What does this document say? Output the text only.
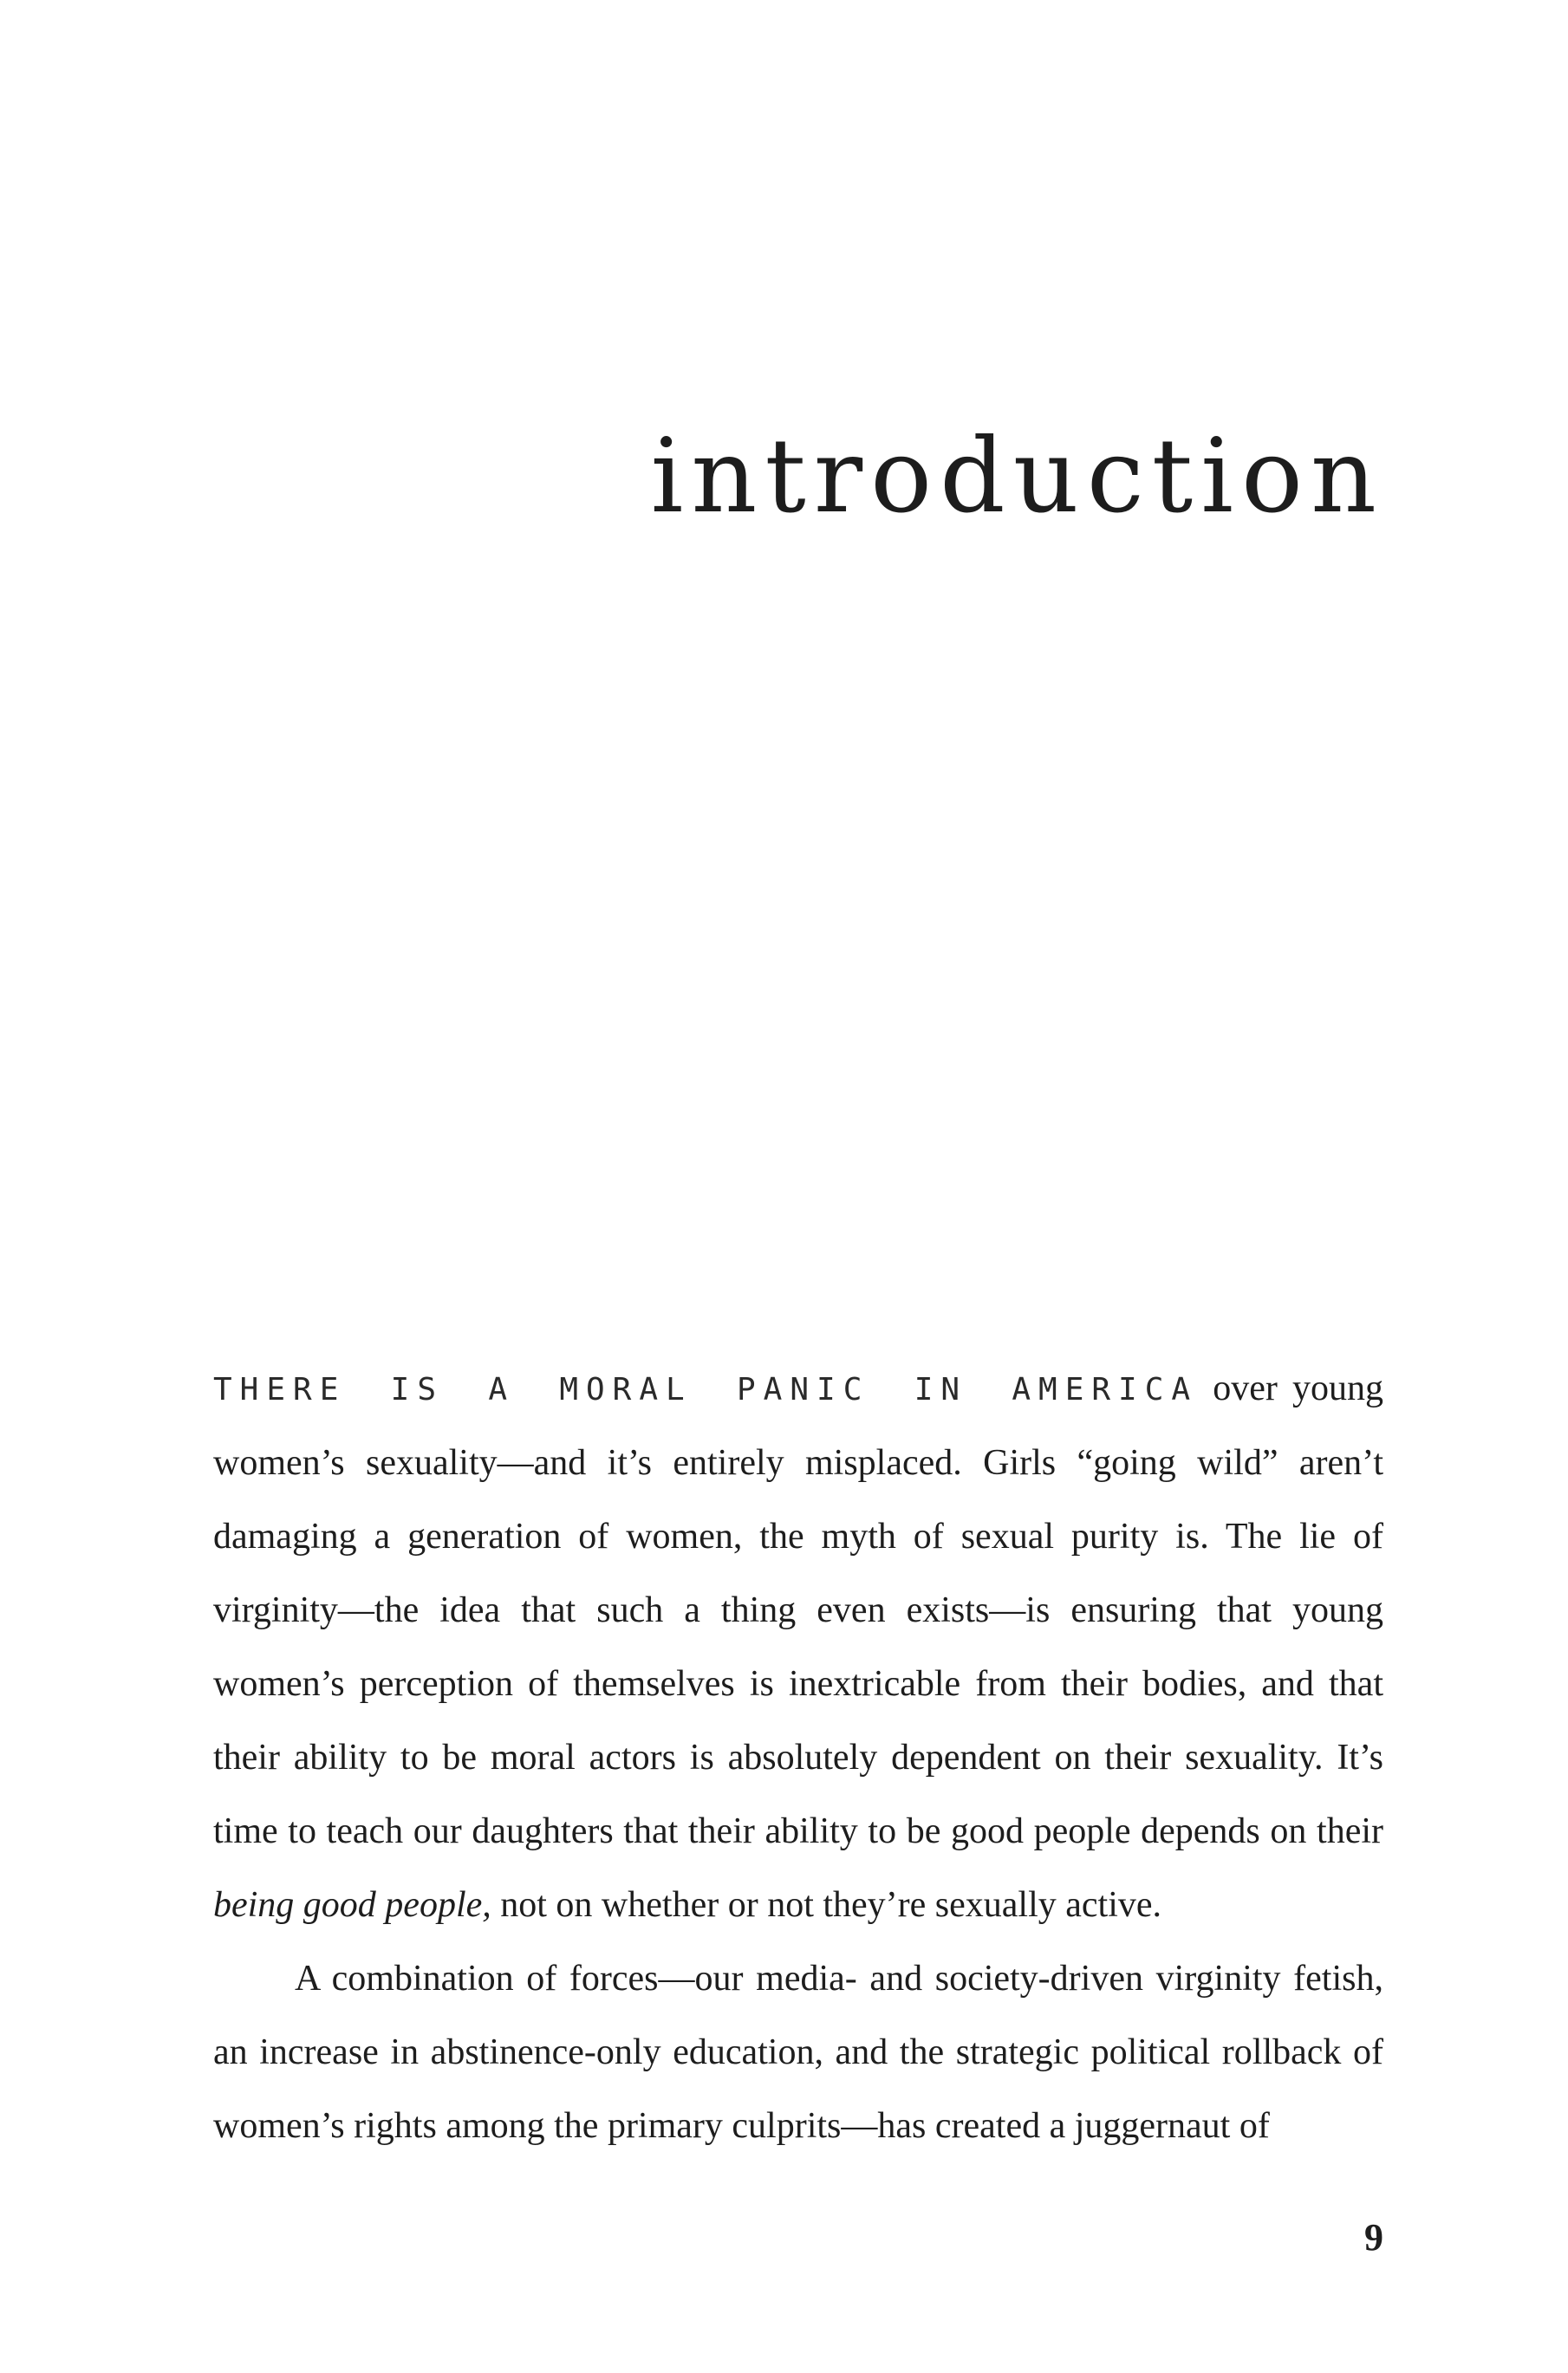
introduction

THERE IS A MORAL PANIC IN AMERICA over young women’s sexuality—and it’s entirely misplaced. Girls “going wild” aren’t damaging a generation of women, the myth of sexual purity is. The lie of virginity—the idea that such a thing even exists—is ensuring that young women’s perception of themselves is inextricable from their bodies, and that their ability to be moral actors is absolutely dependent on their sexuality. It’s time to teach our daughters that their ability to be good people depends on their being good people, not on whether or not they’re sexually active.

A combination of forces—our media- and society-driven virginity fetish, an increase in abstinence-only education, and the strategic political rollback of women’s rights among the primary culprits—has created a juggernaut of

9
